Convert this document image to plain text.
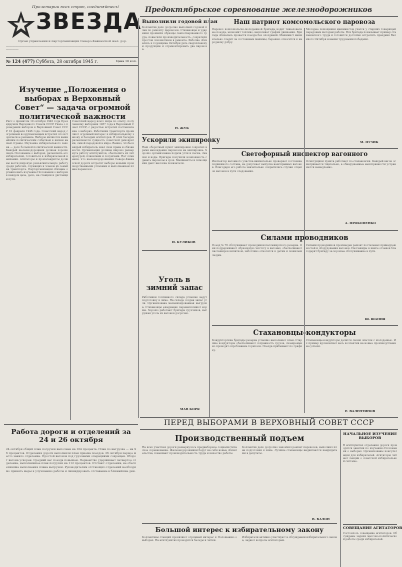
Пролетарии всех стран, соединяйтесь!
ЗВЕЗДА
Орган управления и парторганизации Северо-Кавказской жел. дор.
─────────────────────────────────────────────────────────────────────────────────────────────
№ 124 (477) Суббота, 28 октября 1945 г.	Цена 10 коп.
Предоктябрьское соревнование железнодорожников
Изучение „Положения о выборах в Верховный Совет“ — задача огромной политической важности
Рисс о принятом 10 октября 1945 года Президиумом Верховного Совета СССР Указе о проведении выборов в Верховный Совет СССР 10 февраля 1946 года. Советский народ с огромным воодушевлением встретил это историческое решение. Выборы являются важнейшим политическим событием в жизни нашей страны. Изучение избирательного закона — дело большой политической важности. Каждый железнодорожник должен хорошо знать Положение о выборах, разъяснять его избирателям, готовиться к избирательной кампании. Агитаторы и пропагандисты должны вести широкую разъяснительную работу среди рабочих, служащих и членов их семей на транспорте. Парторганизации обязаны организовать изучение Положения о выборах в каждом цехе, депо, на станции и дистанции пути.
Советский народ всего мира по опыту, полученному выборами 1937 года в Верховный Совет СССР, с радостью встретил постановление о выборах. Работники транспорта проявляют огромный интерес к избирательному закону и беседам агитаторов. В этих беседах разъясняется сущность советской демократии, самой передовой в мире. Важно, чтобы каждый избиратель знал свои права и обязанности. Организации должны широко развернуть работу агитпунктов, обеспечить их литературой, плакатами и лозунгами. Нет сомнения, что железнодорожники Северо-Кавказской дороги встретят выборы новыми производственными успехами и выполнением плана перевозок.
Выполнили годовой план
Коллектив депо досрочно выполнил годовой план по ремонту паровозов. Стахановцы и ударники проявили образцы самоотверженного труда, повысили производительность, сократили простои локомотивов в ремонте. Рабочие обязались к годовщине Октября дать сверхплановую продукцию и отремонтировать два паровоза.
Н. ЖУК
Ускорили экипировку
Наш оборотный пункт экипировки сократил время нахождения паровозов на экипировке. Хорошо организована подача угля и песка, смазки и воды. Бригады получили возможность сдавать паровозы в срок. Машинисты и помощники дают высокие показатели.
И. КУЛИКОВ
Уголь в зимний запас
Работники топливного склада успешно ведут подготовку к зиме. На складе создан запас угля. Организована механизированная выгрузка. Стахановцы ежедневно перевыполняют нормы. Хорошо работают бригады грузчиков, выгружая уголь из вагонов досрочно.
МАВ КОРЯ
Наш патриот комсомольского паровоза
Паровоз комсомольско-молодежной бригады водит тяжеловесные поезда, экономит топливо, выполняет график движения. Бригада обязалась провести поезда без опозданий. Машинист внимательно следит за состоянием машины, бережно относится к народному добру.
Молодые помощники машинистов учатся у старших товарищей передовым методам работы. Вся бригада показывает пример стахановского труда и готовится достойно встретить праздник Великого Октября новыми трудовыми победами.
М. ПУЗИК
Светофорный инспектор вагонного
Инспектор вагонного участка внимательно проверяет состояние подвижного состава, не допускает выпуска неисправных вагонов. Благодаря его работе значительно сократились случаи отцепок вагонов в пути следования.
Осмотрщики пункта работают по-стахановски. Каждый вагон осматривается тщательно, а обнаруженные неисправности устраняются немедленно.
А. ПРОКОПЕНКО
Силами проводников
Поезд № 76 обслуживают проводники пассажирского резерва. Они поддерживают образцовую чистоту в вагонах, обеспечивают пассажиров кипятком, заботливо относятся к детям и пожилым людям.
Силами проводников произведен ремонт постельных принадлежностей и оборудования вагонов. Пассажиры в книге отзывов благодарят бригаду за хорошее обслуживание в пути.
Ш. ШАПИЯ
Стахановцы-кондукторы
Кондукторские бригады резерва успешно выполняют план. Старшие кондукторы обеспечивают сохранность грузов, своевременно проводят опробование тормозов. Поезда прибывают по графику.
Стахановцы-кондукторы делятся своим опытом с молодежью. Их пример вдохновляет весь коллектив на новые производственные успехи.
Р. ВАЛЕНТИНОВ
ПЕРЕД ВЫБОРАМИ В ВЕРХОВНЫЙ СОВЕТ СССР
Производственный подъем
На всех участках дороги развернулось предвыборное социалистическое соревнование. Железнодорожники берут на себя новые обязательства, повышают производительность труда и качество работы.
Коллектив депо досрочно закончил ремонт паровозов, выполнил план подготовки к зиме. Лучшие стахановцы выдвигаются кандидатами в депутаты.
В. БАЛОН
Большой интерес к избирательному закону
Коллективы станций проявляют огромный интерес к Положению о выборах. На агитпунктах проводятся беседы и читки.
Избиратели активно участвуют в обсуждении избирательного закона, задают вопросы агитаторам.
НАЧАЛЬНОЕ ИЗУЧЕНИЕ ВЫБОРОВ
В агитпунктах отделения дороги проводятся занятия по изучению Положения о выборах. Организованы консультации для избирателей. Агитаторы читают лекции о советской избирательной системе.
СОВЕЩАНИЕ АГИТАТОРОВ
Состоялось совещание агитаторов. Обсуждены задачи массово-политической работы среди избирателей.
Работа дороги и отделений за 24 и 26 октября
24 октября общий план погрузки выполнен на 104 процента. План по выгрузке — на 96 процентов. Отделения дороги выполнили план приема поездов. 26 октября первое место заняло отделение. Простой вагонов под грузовыми операциями сокращен. Оборот вагона ускорен. Средний вес поезда повышен. Первенство удерживает четвертое отделение, выполнившее план погрузки на 112 процентов. Отстают отделения, не обеспечившие выполнения плана выгрузки. Руководителям отстающих отделений необходимо принять меры к улучшению работы и ликвидировать отставание в ближайшие дни.
